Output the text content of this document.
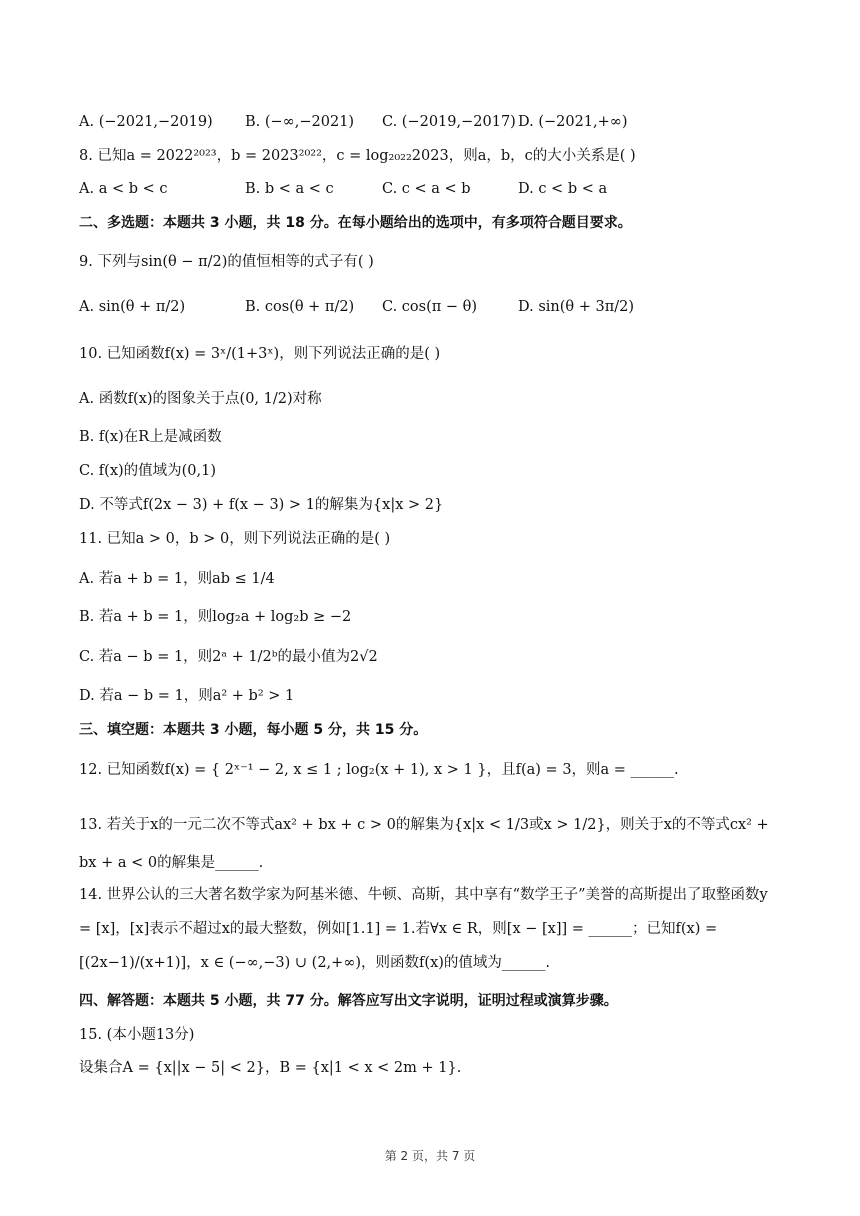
A. (−2021,−2019) B. (−∞,−2021) C. (−2019,−2017) D. (−2021,+∞)
8. 已知a = 2022²⁰²³，b = 2023²⁰²²，c = log₂₀₂₂2023，则a，b，c的大小关系是( )
A. a < b < c	B. b < a < c	C. c < a < b	D. c < b < a
二、多选题：本题共 3 小题，共 18 分。在每小题给出的选项中，有多项符合题目要求。
9. 下列与sin(θ − π/2)的值恒相等的式子有( )
A. sin(θ + π/2)	B. cos(θ + π/2) C. cos(π − θ)	D. sin(θ + 3π/2)
10. 已知函数f(x) = 3ˣ/(1+3ˣ)，则下列说法正确的是( )
A. 函数f(x)的图象关于点(0, 1/2)对称
B. f(x)在R上是减函数
C. f(x)的值域为(0,1)
D. 不等式f(2x − 3) + f(x − 3) > 1的解集为{x|x > 2}
11. 已知a > 0，b > 0，则下列说法正确的是( )
A. 若a + b = 1，则ab ≤ 1/4
B. 若a + b = 1，则log₂a + log₂b ≥ −2
C. 若a − b = 1，则2ᵃ + 1/2ᵇ的最小值为2√2
D. 若a − b = 1，则a² + b² > 1
三、填空题：本题共 3 小题，每小题 5 分，共 15 分。
12. 已知函数f(x) = { 2ˣ⁻¹ − 2, x ≤ 1 ; log₂(x + 1), x > 1 }，且f(a) = 3，则a = ______.
13. 若关于x的一元二次不等式ax² + bx + c > 0的解集为{x|x < 1/3或x > 1/2}，则关于x的不等式cx² + bx + a < 0的解集是______.
14. 世界公认的三大著名数学家为阿基米德、牛顿、高斯，其中享有“数学王子”美誉的高斯提出了取整函数y = [x]，[x]表示不超过x的最大整数，例如[1.1] = 1.若∀x ∈ R，则[x − [x]] = ______；已知f(x) = [(2x−1)/(x+1)]，x ∈ (−∞,−3) ∪ (2,+∞)，则函数f(x)的值域为______.
四、解答题：本题共 5 小题，共 77 分。解答应写出文字说明，证明过程或演算步骤。
15. (本小题13分)
设集合A = {x||x − 5| < 2}，B = {x|1 < x < 2m + 1}.
第 2 页，共 7 页
